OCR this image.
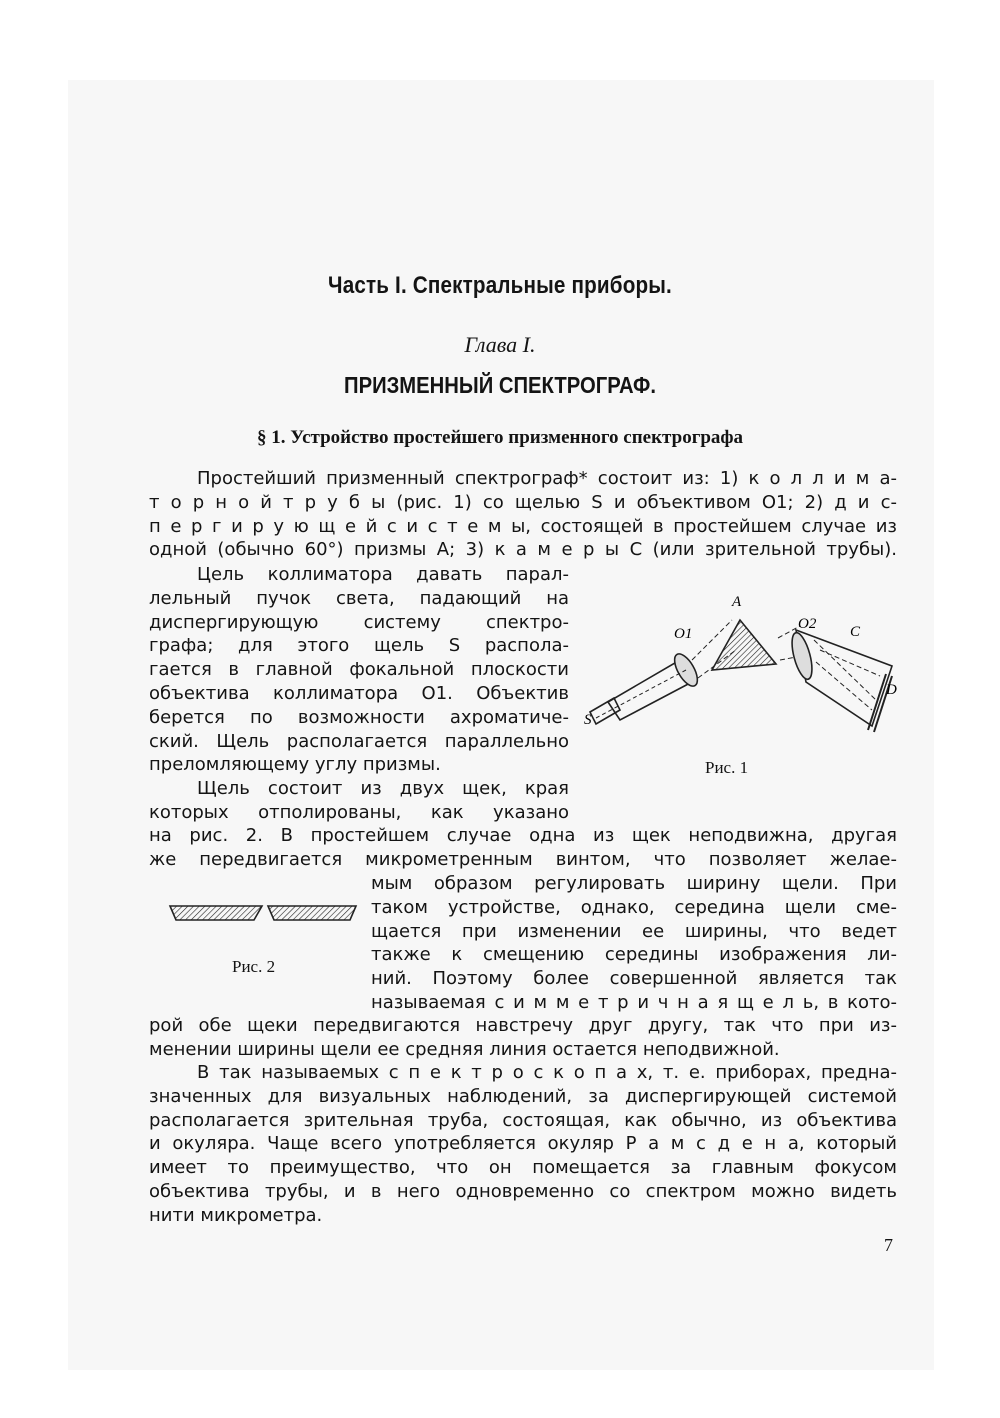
Часть I. Спектральные приборы.
Глава I.
ПРИЗМЕННЫЙ СПЕКТРОГРАФ.
§ 1. Устройство простейшего призменного спектрографа
Простейший призменный спектрограф* состоит из: 1) к о л л и м а-
т о р н о й т р у б ы (рис. 1) со щелью S и объективом O1; 2) д и с-
п е р г и р у ю щ е й с и с т е м ы, состоящей в простейшем случае из
одной (обычно 60°) призмы A; 3) к а м е р ы C (или зрительной трубы).
Цель коллиматора давать парал-
лельный пучок света, падающий на
диспергирующую систему спектро-
графа; для этого щель S распола-
гается в главной фокальной плоскости
объектива коллиматора O1. Объектив
берется по возможности ахроматиче-
ский. Щель располагается параллельно
преломляющему углу призмы.
Щель состоит из двух щек, края
которых отполированы, как указано
на рис. 2. В простейшем случае одна из щек неподвижна, другая
же передвигается микрометренным винтом, что позволяет желае-
мым образом регулировать ширину щели. При
таком устройстве, однако, середина щели сме-
щается при изменении ее ширины, что ведет
также к смещению середины изображения ли-
ний. Поэтому более совершенной является так
называемая с и м м е т р и ч н а я щ е л ь, в кото-
рой обе щеки передвигаются навстречу друг другу, так что при из-
менении ширины щели ее средняя линия остается неподвижной.
В так называемых с п е к т р о с к о п а х, т. е. приборах, предна-
значенных для визуальных наблюдений, за диспергирующей системой
располагается зрительная труба, состоящая, как обычно, из объектива
и окуляра. Чаще всего употребляется окуляр Р а м с д е н а, который
имеет то преимущество, что он помещается за главным фокусом
объектива трубы, и в него одновременно со спектром можно видеть
нити микрометра.
A
O1
O2 C
S
D
Рис. 1
Рис. 2
7
